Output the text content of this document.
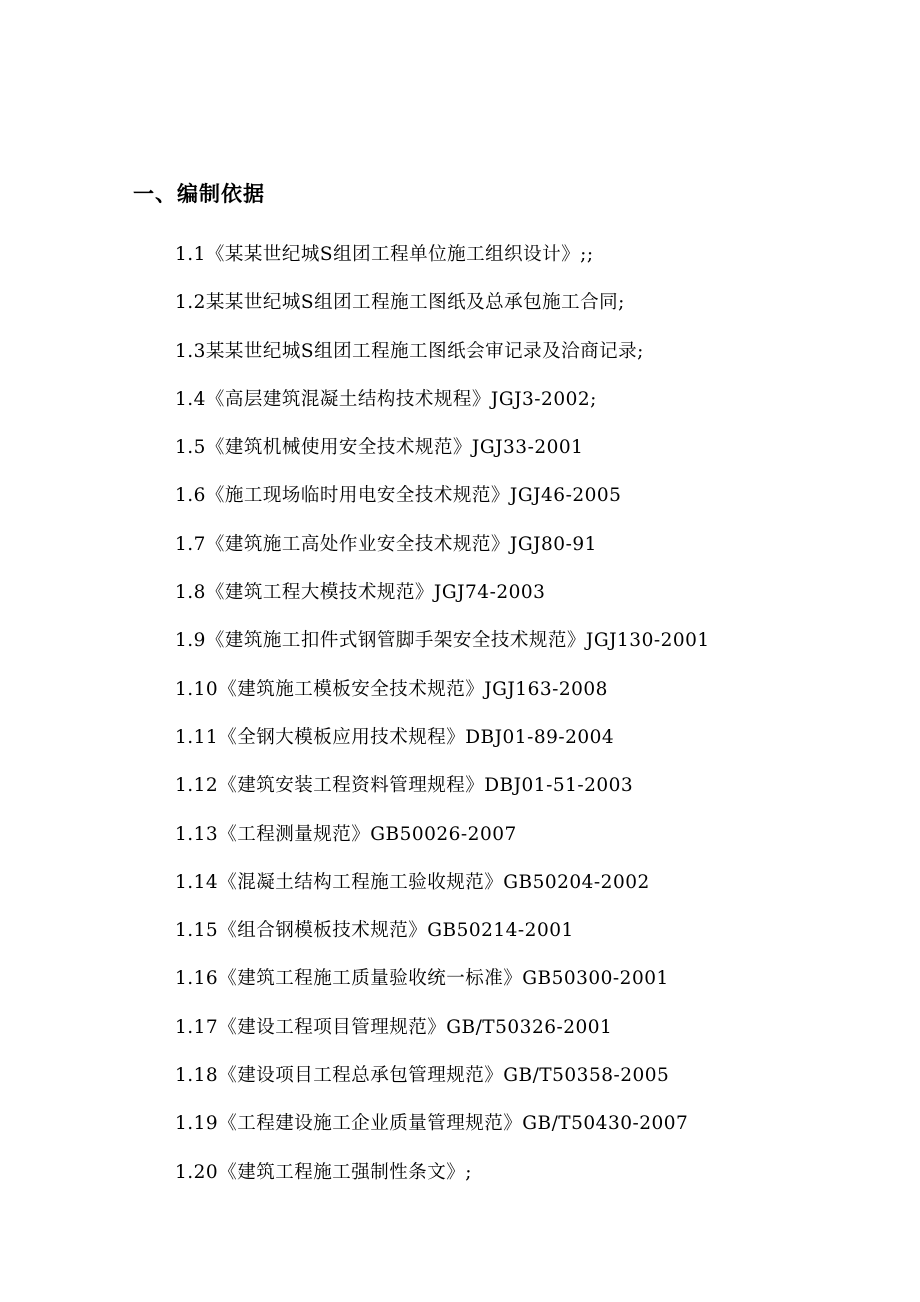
一、编制依据
1.1《某某世纪城S组团工程单位施工组织设计》;;
1.2某某世纪城S组团工程施工图纸及总承包施工合同;
1.3某某世纪城S组团工程施工图纸会审记录及洽商记录;
1.4《高层建筑混凝土结构技术规程》JGJ3-2002;
1.5《建筑机械使用安全技术规范》JGJ33-2001
1.6《施工现场临时用电安全技术规范》JGJ46-2005
1.7《建筑施工高处作业安全技术规范》JGJ80-91
1.8《建筑工程大模技术规范》JGJ74-2003
1.9《建筑施工扣件式钢管脚手架安全技术规范》JGJ130-2001
1.10《建筑施工模板安全技术规范》JGJ163-2008
1.11《全钢大模板应用技术规程》DBJ01-89-2004
1.12《建筑安装工程资料管理规程》DBJ01-51-2003
1.13《工程测量规范》GB50026-2007
1.14《混凝土结构工程施工验收规范》GB50204-2002
1.15《组合钢模板技术规范》GB50214-2001
1.16《建筑工程施工质量验收统一标准》GB50300-2001
1.17《建设工程项目管理规范》GB/T50326-2001
1.18《建设项目工程总承包管理规范》GB/T50358-2005
1.19《工程建设施工企业质量管理规范》GB/T50430-2007
1.20《建筑工程施工强制性条文》;
